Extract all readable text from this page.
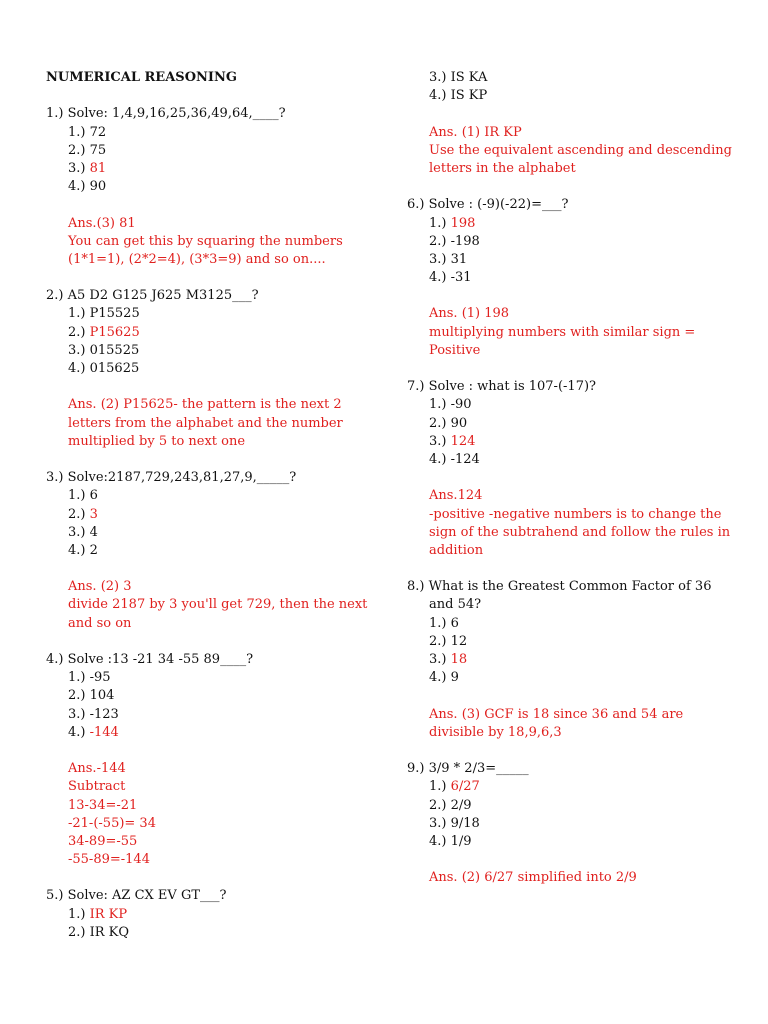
NUMERICAL REASONING
1.) Solve: 1,4,9,16,25,36,49,64,____?
1.) 72
2.) 75
3.) 81
4.) 90
Ans.(3) 81
You can get this by squaring the numbers
(1*1=1), (2*2=4), (3*3=9) and so on....
2.) A5 D2 G125 J625 M3125___?
1.) P15525
2.) P15625
3.) 015525
4.) 015625
Ans. (2) P15625- the pattern is the next 2
letters from the alphabet and the number
multiplied by 5 to next one
3.) Solve:2187,729,243,81,27,9,_____?
1.) 6
2.) 3
3.) 4
4.) 2
Ans. (2) 3
divide 2187 by 3 you'll get 729, then the next
and so on
4.) Solve :13 -21 34 -55 89____?
1.) -95
2.) 104
3.) -123
4.) -144
Ans.-144
Subtract
13-34=-21
-21-(-55)= 34
34-89=-55
-55-89=-144
5.) Solve: AZ CX EV GT___?
1.) IR KP
2.) IR KQ
3.) IS KA
4.) IS KP
Ans. (1) IR KP
Use the equivalent ascending and descending
letters in the alphabet
6.) Solve : (-9)(-22)=___?
1.) 198
2.) -198
3.) 31
4.) -31
Ans. (1) 198
multiplying numbers with similar sign =
Positive
7.) Solve : what is 107-(-17)?
1.) -90
2.) 90
3.) 124
4.) -124
Ans.124
-positive -negative numbers is to change the
sign of the subtrahend and follow the rules in
addition
8.) What is the Greatest Common Factor of 36
and 54?
1.) 6
2.) 12
3.) 18
4.) 9
Ans. (3) GCF is 18 since 36 and 54 are
divisible by 18,9,6,3
9.) 3/9 * 2/3=_____
1.) 6/27
2.) 2/9
3.) 9/18
4.) 1/9
Ans. (2) 6/27 simplified into 2/9
